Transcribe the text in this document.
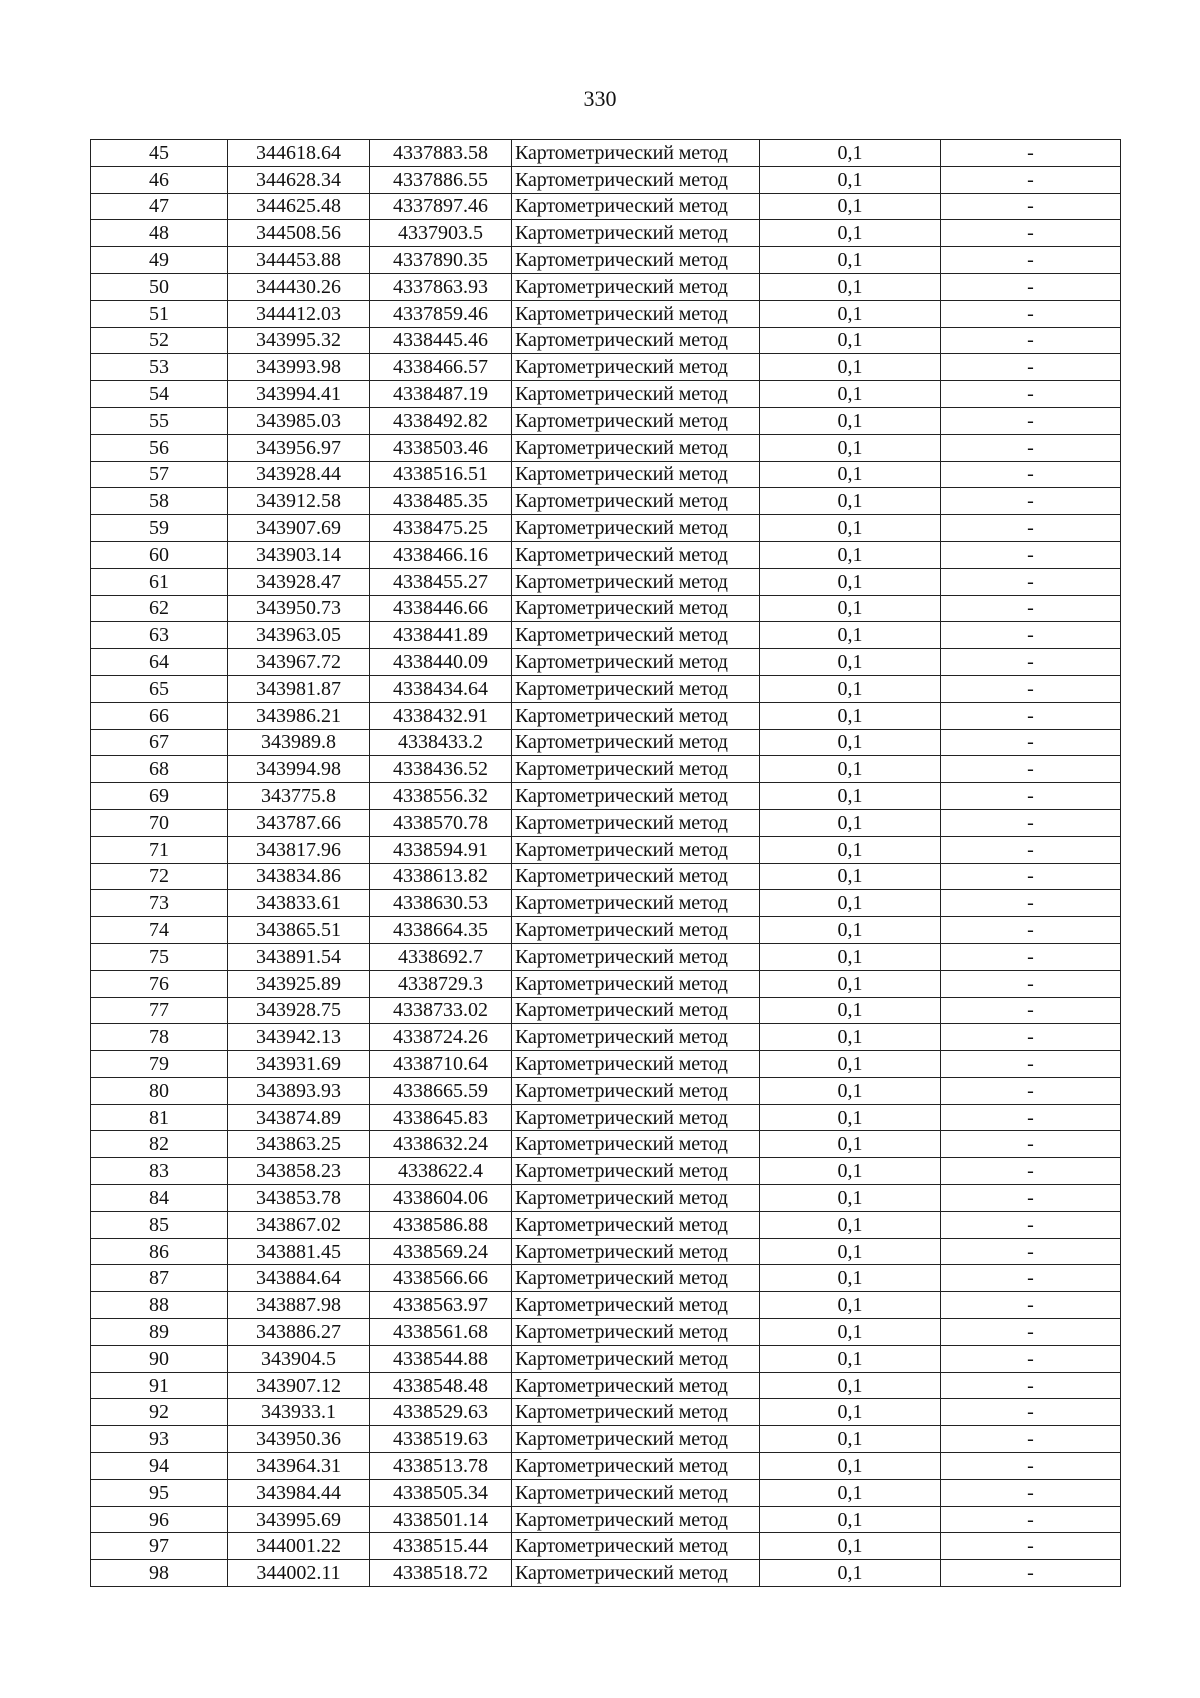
330
45	344618.64	4337883.58	Картометрический метод	0,1	-
46	344628.34	4337886.55	Картометрический метод	0,1	-
47	344625.48	4337897.46	Картометрический метод	0,1	-
48	344508.56	4337903.5	Картометрический метод	0,1	-
49	344453.88	4337890.35	Картометрический метод	0,1	-
50	344430.26	4337863.93	Картометрический метод	0,1	-
51	344412.03	4337859.46	Картометрический метод	0,1	-
52	343995.32	4338445.46	Картометрический метод	0,1	-
53	343993.98	4338466.57	Картометрический метод	0,1	-
54	343994.41	4338487.19	Картометрический метод	0,1	-
55	343985.03	4338492.82	Картометрический метод	0,1	-
56	343956.97	4338503.46	Картометрический метод	0,1	-
57	343928.44	4338516.51	Картометрический метод	0,1	-
58	343912.58	4338485.35	Картометрический метод	0,1	-
59	343907.69	4338475.25	Картометрический метод	0,1	-
60	343903.14	4338466.16	Картометрический метод	0,1	-
61	343928.47	4338455.27	Картометрический метод	0,1	-
62	343950.73	4338446.66	Картометрический метод	0,1	-
63	343963.05	4338441.89	Картометрический метод	0,1	-
64	343967.72	4338440.09	Картометрический метод	0,1	-
65	343981.87	4338434.64	Картометрический метод	0,1	-
66	343986.21	4338432.91	Картометрический метод	0,1	-
67	343989.8	4338433.2	Картометрический метод	0,1	-
68	343994.98	4338436.52	Картометрический метод	0,1	-
69	343775.8	4338556.32	Картометрический метод	0,1	-
70	343787.66	4338570.78	Картометрический метод	0,1	-
71	343817.96	4338594.91	Картометрический метод	0,1	-
72	343834.86	4338613.82	Картометрический метод	0,1	-
73	343833.61	4338630.53	Картометрический метод	0,1	-
74	343865.51	4338664.35	Картометрический метод	0,1	-
75	343891.54	4338692.7	Картометрический метод	0,1	-
76	343925.89	4338729.3	Картометрический метод	0,1	-
77	343928.75	4338733.02	Картометрический метод	0,1	-
78	343942.13	4338724.26	Картометрический метод	0,1	-
79	343931.69	4338710.64	Картометрический метод	0,1	-
80	343893.93	4338665.59	Картометрический метод	0,1	-
81	343874.89	4338645.83	Картометрический метод	0,1	-
82	343863.25	4338632.24	Картометрический метод	0,1	-
83	343858.23	4338622.4	Картометрический метод	0,1	-
84	343853.78	4338604.06	Картометрический метод	0,1	-
85	343867.02	4338586.88	Картометрический метод	0,1	-
86	343881.45	4338569.24	Картометрический метод	0,1	-
87	343884.64	4338566.66	Картометрический метод	0,1	-
88	343887.98	4338563.97	Картометрический метод	0,1	-
89	343886.27	4338561.68	Картометрический метод	0,1	-
90	343904.5	4338544.88	Картометрический метод	0,1	-
91	343907.12	4338548.48	Картометрический метод	0,1	-
92	343933.1	4338529.63	Картометрический метод	0,1	-
93	343950.36	4338519.63	Картометрический метод	0,1	-
94	343964.31	4338513.78	Картометрический метод	0,1	-
95	343984.44	4338505.34	Картометрический метод	0,1	-
96	343995.69	4338501.14	Картометрический метод	0,1	-
97	344001.22	4338515.44	Картометрический метод	0,1	-
98	344002.11	4338518.72	Картометрический метод	0,1	-
